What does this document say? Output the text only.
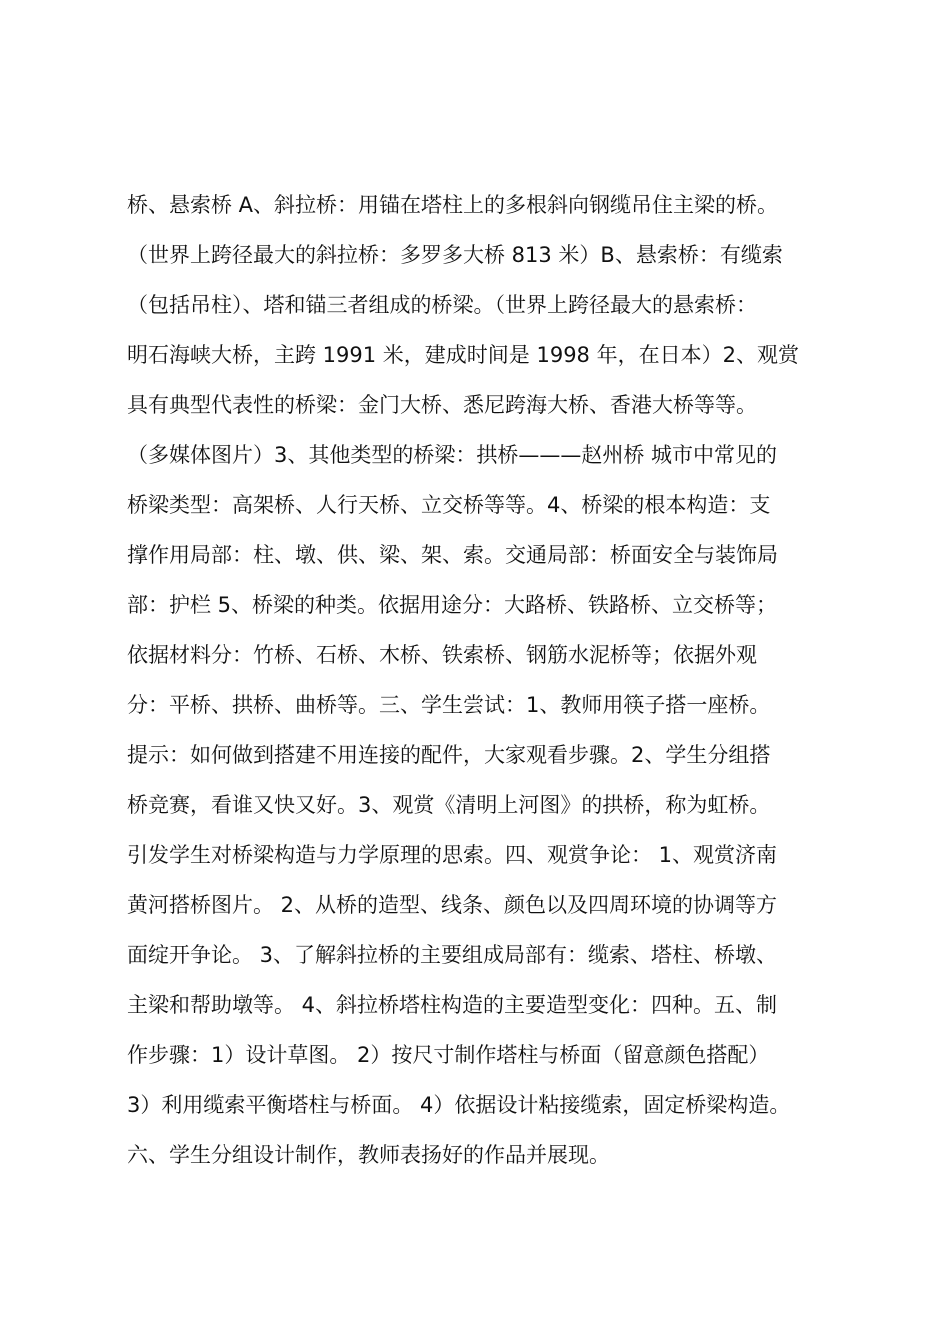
桥、悬索桥 A、斜拉桥：用锚在塔柱上的多根斜向钢缆吊住主梁的桥。
（世界上跨径最大的斜拉桥：多罗多大桥 813 米）B、悬索桥：有缆索
（包括吊柱）、塔和锚三者组成的桥梁。（世界上跨径最大的悬索桥：
明石海峡大桥，主跨 1991 米，建成时间是 1998 年，在日本）2、观赏
具有典型代表性的桥梁：金门大桥、悉尼跨海大桥、香港大桥等等。
（多媒体图片）3、其他类型的桥梁：拱桥———赵州桥 城市中常见的
桥梁类型：高架桥、人行天桥、立交桥等等。4、桥梁的根本构造：支
撑作用局部：柱、墩、供、梁、架、索。交通局部：桥面安全与装饰局
部：护栏 5、桥梁的种类。依据用途分：大路桥、铁路桥、立交桥等；
依据材料分：竹桥、石桥、木桥、铁索桥、钢筋水泥桥等；依据外观
分：平桥、拱桥、曲桥等。三、学生尝试：1、教师用筷子搭一座桥。
提示：如何做到搭建不用连接的配件，大家观看步骤。2、学生分组搭
桥竞赛，看谁又快又好。3、观赏《清明上河图》的拱桥，称为虹桥。
引发学生对桥梁构造与力学原理的思索。四、观赏争论： 1、观赏济南
黄河搭桥图片。 2、从桥的造型、线条、颜色以及四周环境的协调等方
面绽开争论。 3、了解斜拉桥的主要组成局部有：缆索、塔柱、桥墩、
主梁和帮助墩等。 4、斜拉桥塔柱构造的主要造型变化：四种。五、制
作步骤：1）设计草图。 2）按尺寸制作塔柱与桥面（留意颜色搭配）
3）利用缆索平衡塔柱与桥面。 4）依据设计粘接缆索，固定桥梁构造。
六、学生分组设计制作，教师表扬好的作品并展现。
